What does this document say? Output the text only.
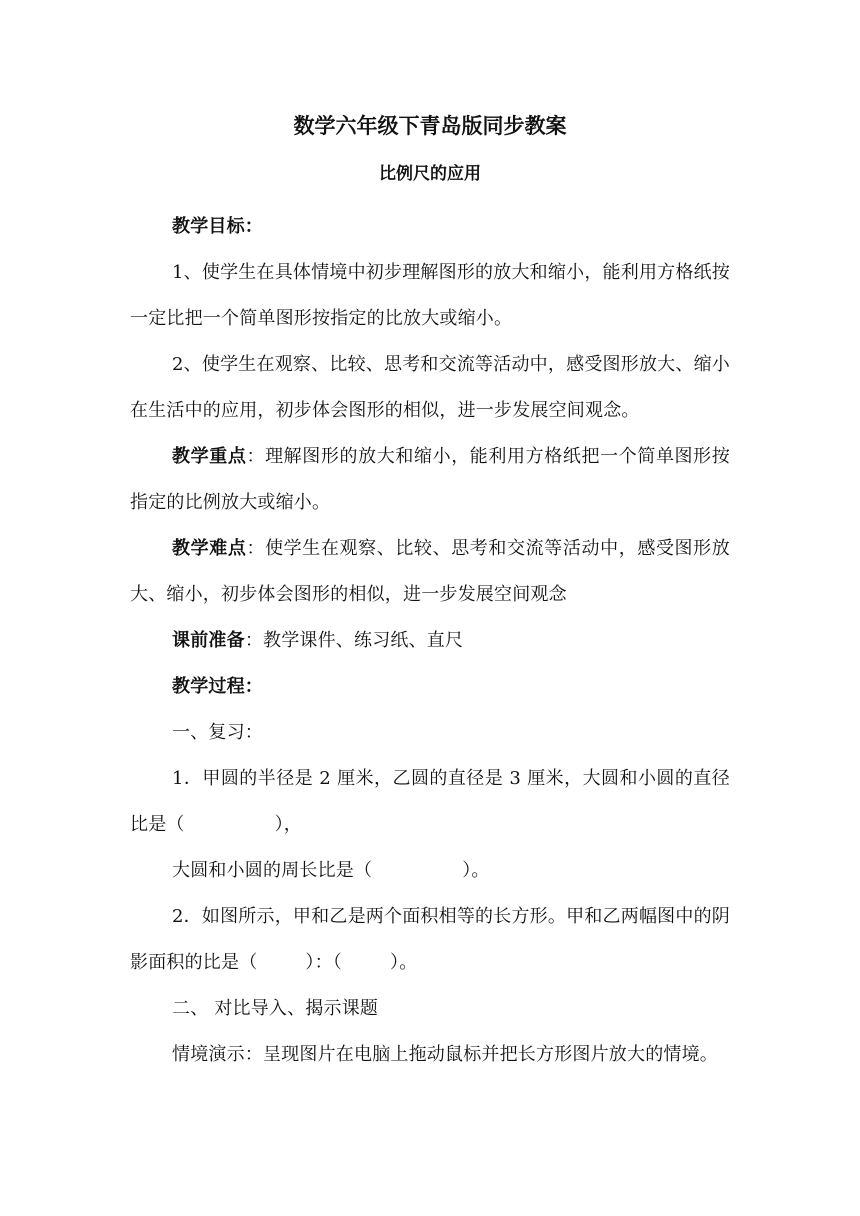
数学六年级下青岛版同步教案
比例尺的应用

教学目标：

1、使学生在具体情境中初步理解图形的放大和缩小，能利用方格纸按一定比把一个简单图形按指定的比放大或缩小。

2、使学生在观察、比较、思考和交流等活动中，感受图形放大、缩小在生活中的应用，初步体会图形的相似，进一步发展空间观念。

教学重点：理解图形的放大和缩小，能利用方格纸把一个简单图形按指定的比例放大或缩小。

教学难点：使学生在观察、比较、思考和交流等活动中，感受图形放大、缩小，初步体会图形的相似，进一步发展空间观念

课前准备：教学课件、练习纸、直尺

教学过程：

一、复习：

1．甲圆的半径是 2 厘米，乙圆的直径是 3 厘米，大圆和小圆的直径比是（	），

大圆和小圆的周长比是（	）。

2．如图所示，甲和乙是两个面积相等的长方形。甲和乙两幅图中的阴影面积的比是（	）：（	）。

二、 对比导入、揭示课题

情境演示：呈现图片在电脑上拖动鼠标并把长方形图片放大的情境。
